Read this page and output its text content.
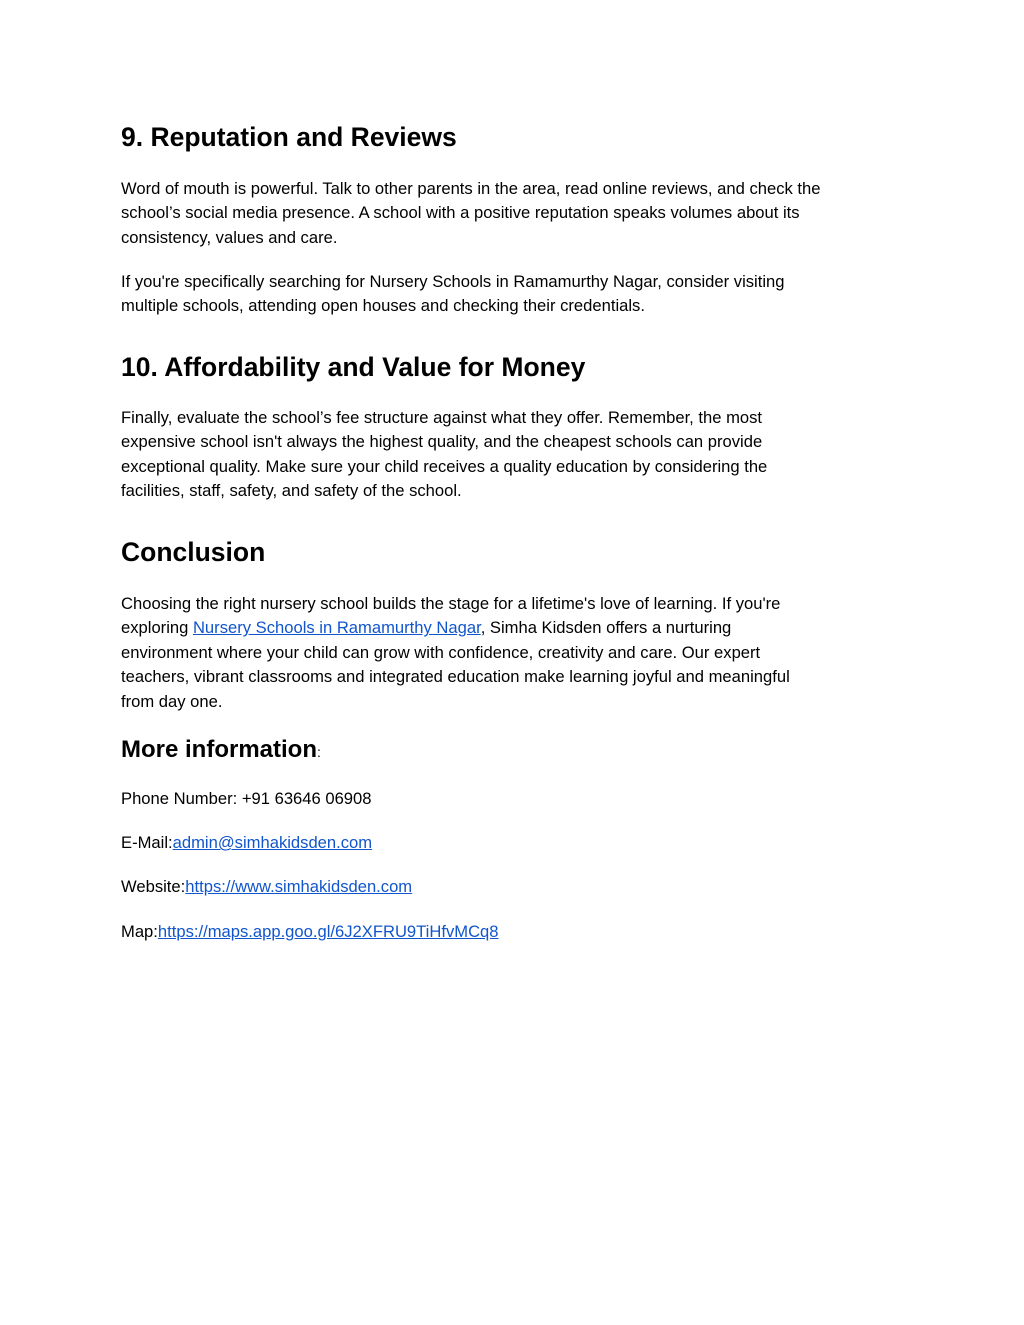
9. Reputation and Reviews

Word of mouth is powerful. Talk to other parents in the area, read online reviews, and check the
school’s social media presence. A school with a positive reputation speaks volumes about its
consistency, values and care.

If you're specifically searching for Nursery Schools in Ramamurthy Nagar, consider visiting
multiple schools, attending open houses and checking their credentials.

10. Affordability and Value for Money

Finally, evaluate the school’s fee structure against what they offer. Remember, the most
expensive school isn't always the highest quality, and the cheapest schools can provide
exceptional quality. Make sure your child receives a quality education by considering the
facilities, staff, safety, and safety of the school.

Conclusion

Choosing the right nursery school builds the stage for a lifetime's love of learning. If you're
exploring Nursery Schools in Ramamurthy Nagar, Simha Kidsden offers a nurturing
environment where your child can grow with confidence, creativity and care. Our expert
teachers, vibrant classrooms and integrated education make learning joyful and meaningful
from day one.

More information:

Phone Number: +91 63646 06908

E-Mail:admin@simhakidsden.com

Website:https://www.simhakidsden.com

Map:https://maps.app.goo.gl/6J2XFRU9TiHfvMCq8
